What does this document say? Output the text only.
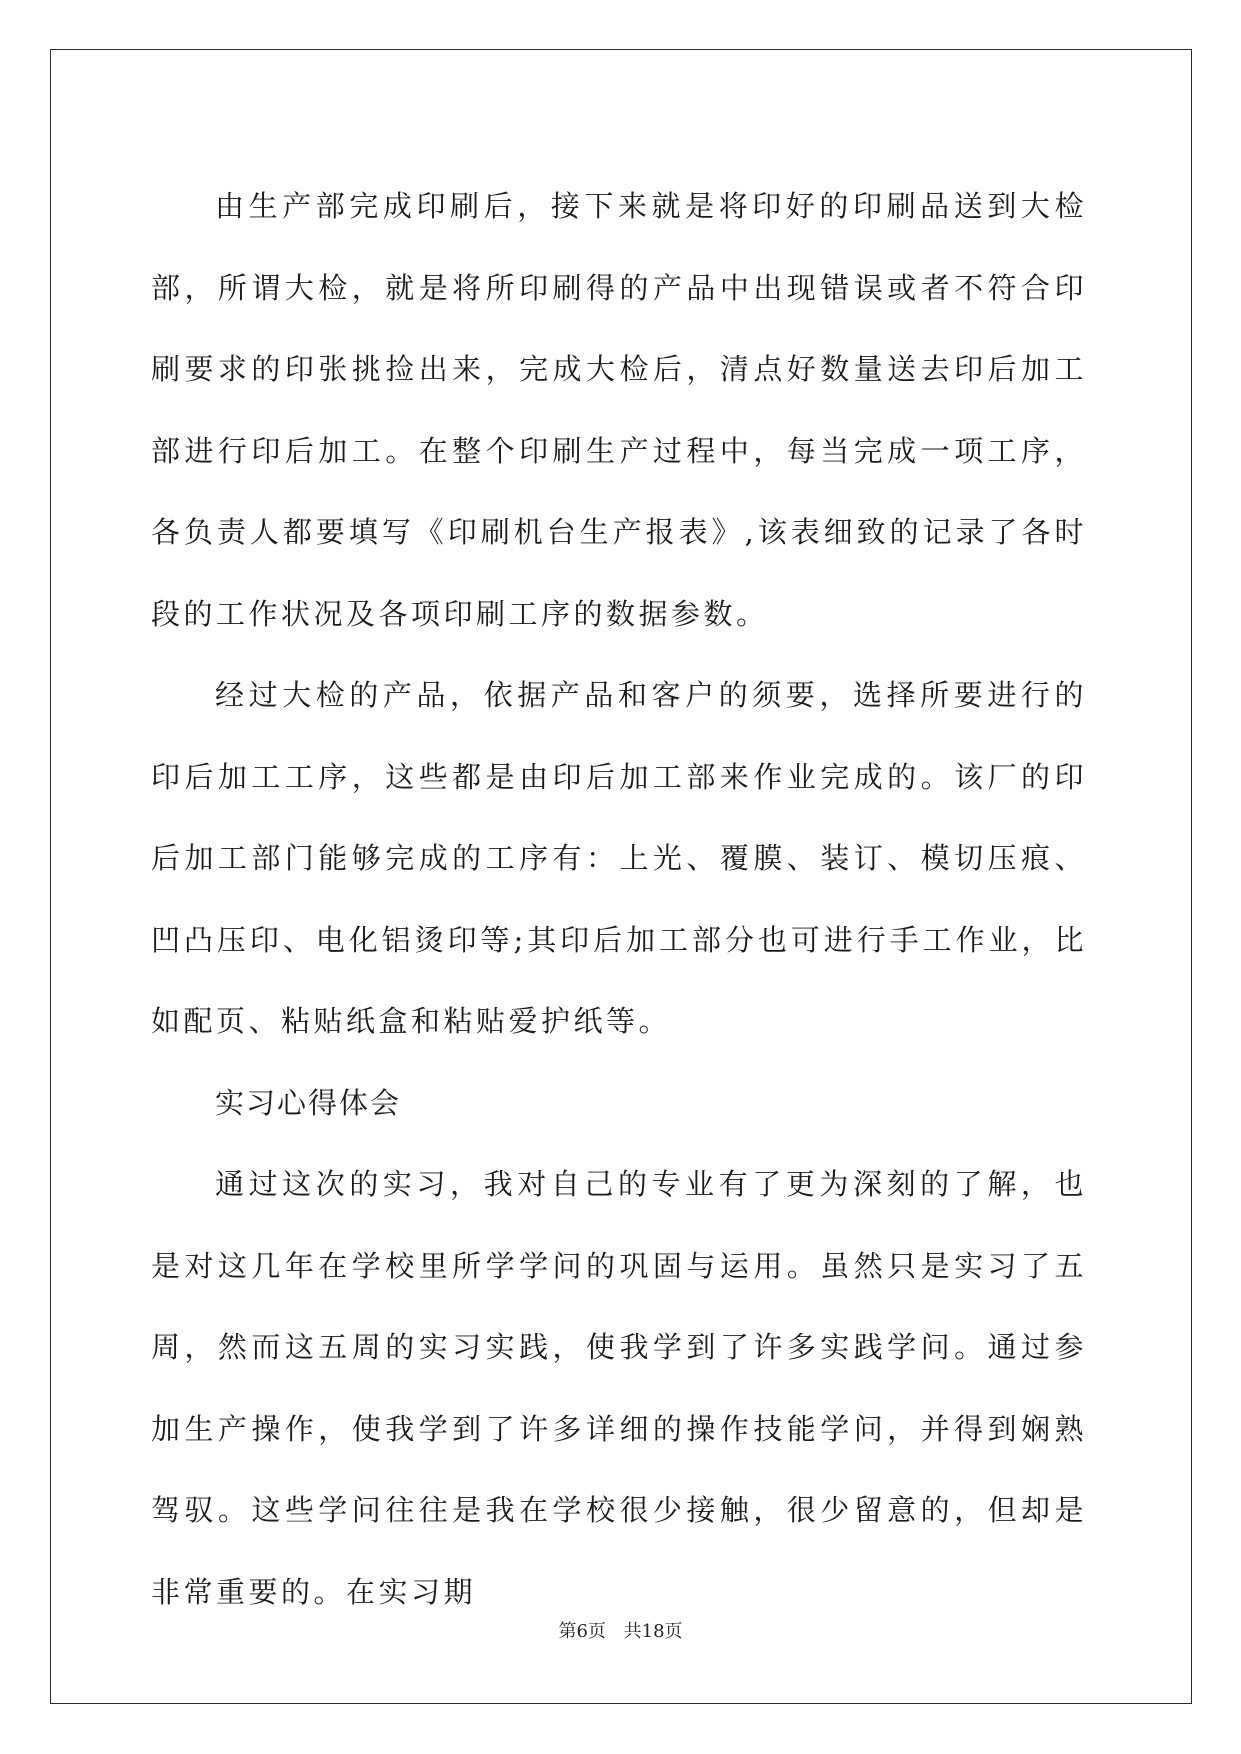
由生产部完成印刷后，接下来就是将印好的印刷品送到大检部，所谓大检，就是将所印刷得的产品中出现错误或者不符合印刷要求的印张挑捡出来，完成大检后，清点好数量送去印后加工部进行印后加工。在整个印刷生产过程中，每当完成一项工序，各负责人都要填写《印刷机台生产报表》,该表细致的记录了各时段的工作状况及各项印刷工序的数据参数。

经过大检的产品，依据产品和客户的须要，选择所要进行的印后加工工序，这些都是由印后加工部来作业完成的。该厂的印后加工部门能够完成的工序有：上光、覆膜、装订、模切压痕、凹凸压印、电化铝烫印等;其印后加工部分也可进行手工作业，比如配页、粘贴纸盒和粘贴爱护纸等。

实习心得体会

通过这次的实习，我对自己的专业有了更为深刻的了解，也是对这几年在学校里所学学问的巩固与运用。虽然只是实习了五周，然而这五周的实习实践，使我学到了许多实践学问。通过参加生产操作，使我学到了许多详细的操作技能学问，并得到娴熟驾驭。这些学问往往是我在学校很少接触，很少留意的，但却是非常重要的。在实习期

第6页 共18页
